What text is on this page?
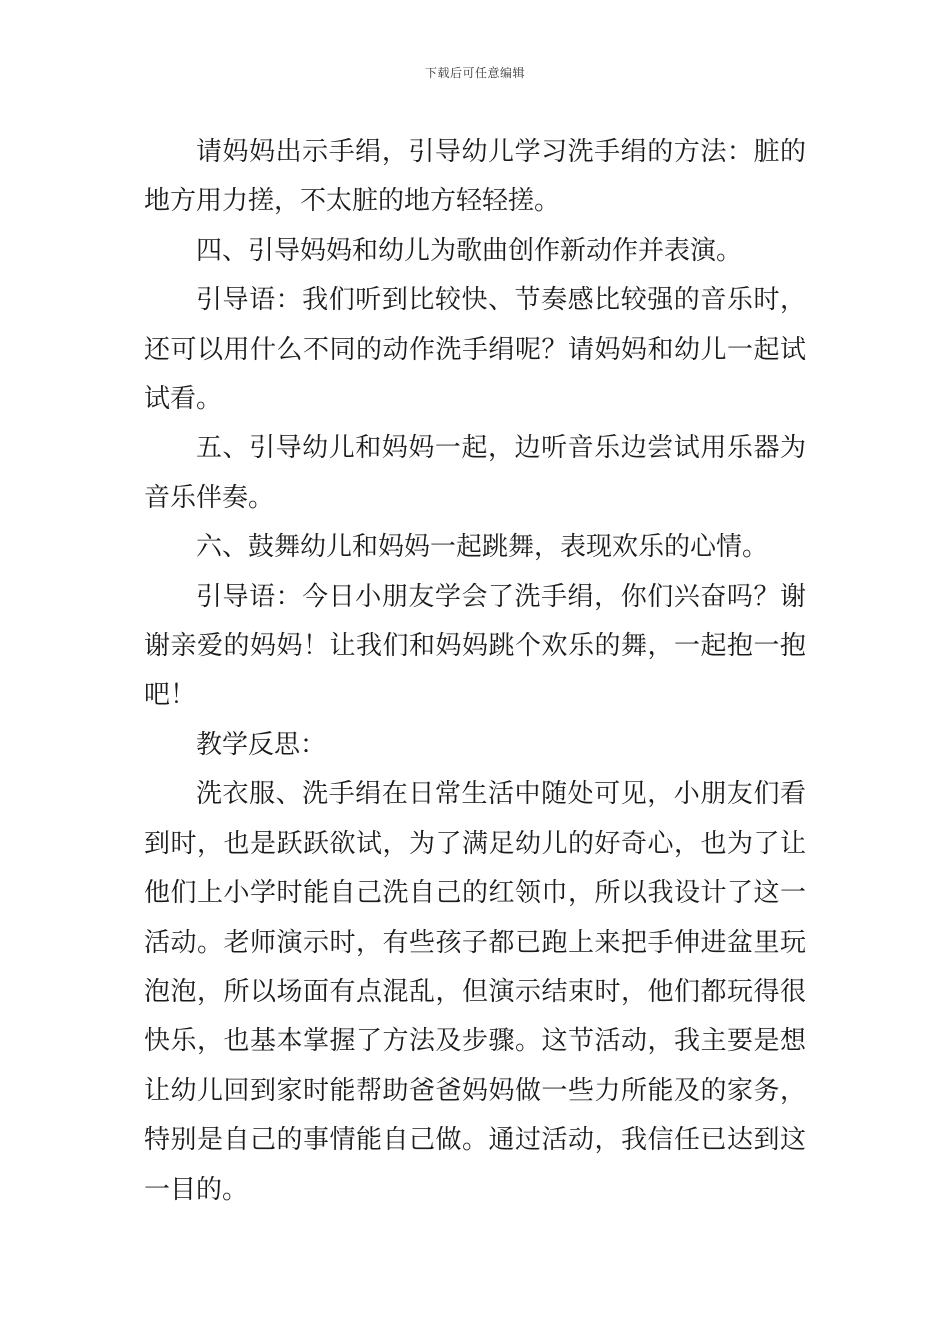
下载后可任意编辑

请妈妈出示手绢，引导幼儿学习洗手绢的方法：脏的地方用力搓，不太脏的地方轻轻搓。

四、引导妈妈和幼儿为歌曲创作新动作并表演。

引导语：我们听到比较快、节奏感比较强的音乐时，还可以用什么不同的动作洗手绢呢？请妈妈和幼儿一起试试看。

五、引导幼儿和妈妈一起，边听音乐边尝试用乐器为音乐伴奏。

六、鼓舞幼儿和妈妈一起跳舞，表现欢乐的心情。

引导语：今日小朋友学会了洗手绢，你们兴奋吗？谢谢亲爱的妈妈！让我们和妈妈跳个欢乐的舞，一起抱一抱吧！

教学反思：

洗衣服、洗手绢在日常生活中随处可见，小朋友们看到时，也是跃跃欲试，为了满足幼儿的好奇心，也为了让他们上小学时能自己洗自己的红领巾，所以我设计了这一活动。老师演示时，有些孩子都已跑上来把手伸进盆里玩泡泡，所以场面有点混乱，但演示结束时，他们都玩得很快乐，也基本掌握了方法及步骤。这节活动，我主要是想让幼儿回到家时能帮助爸爸妈妈做一些力所能及的家务，特别是自己的事情能自己做。通过活动，我信任已达到这一目的。
